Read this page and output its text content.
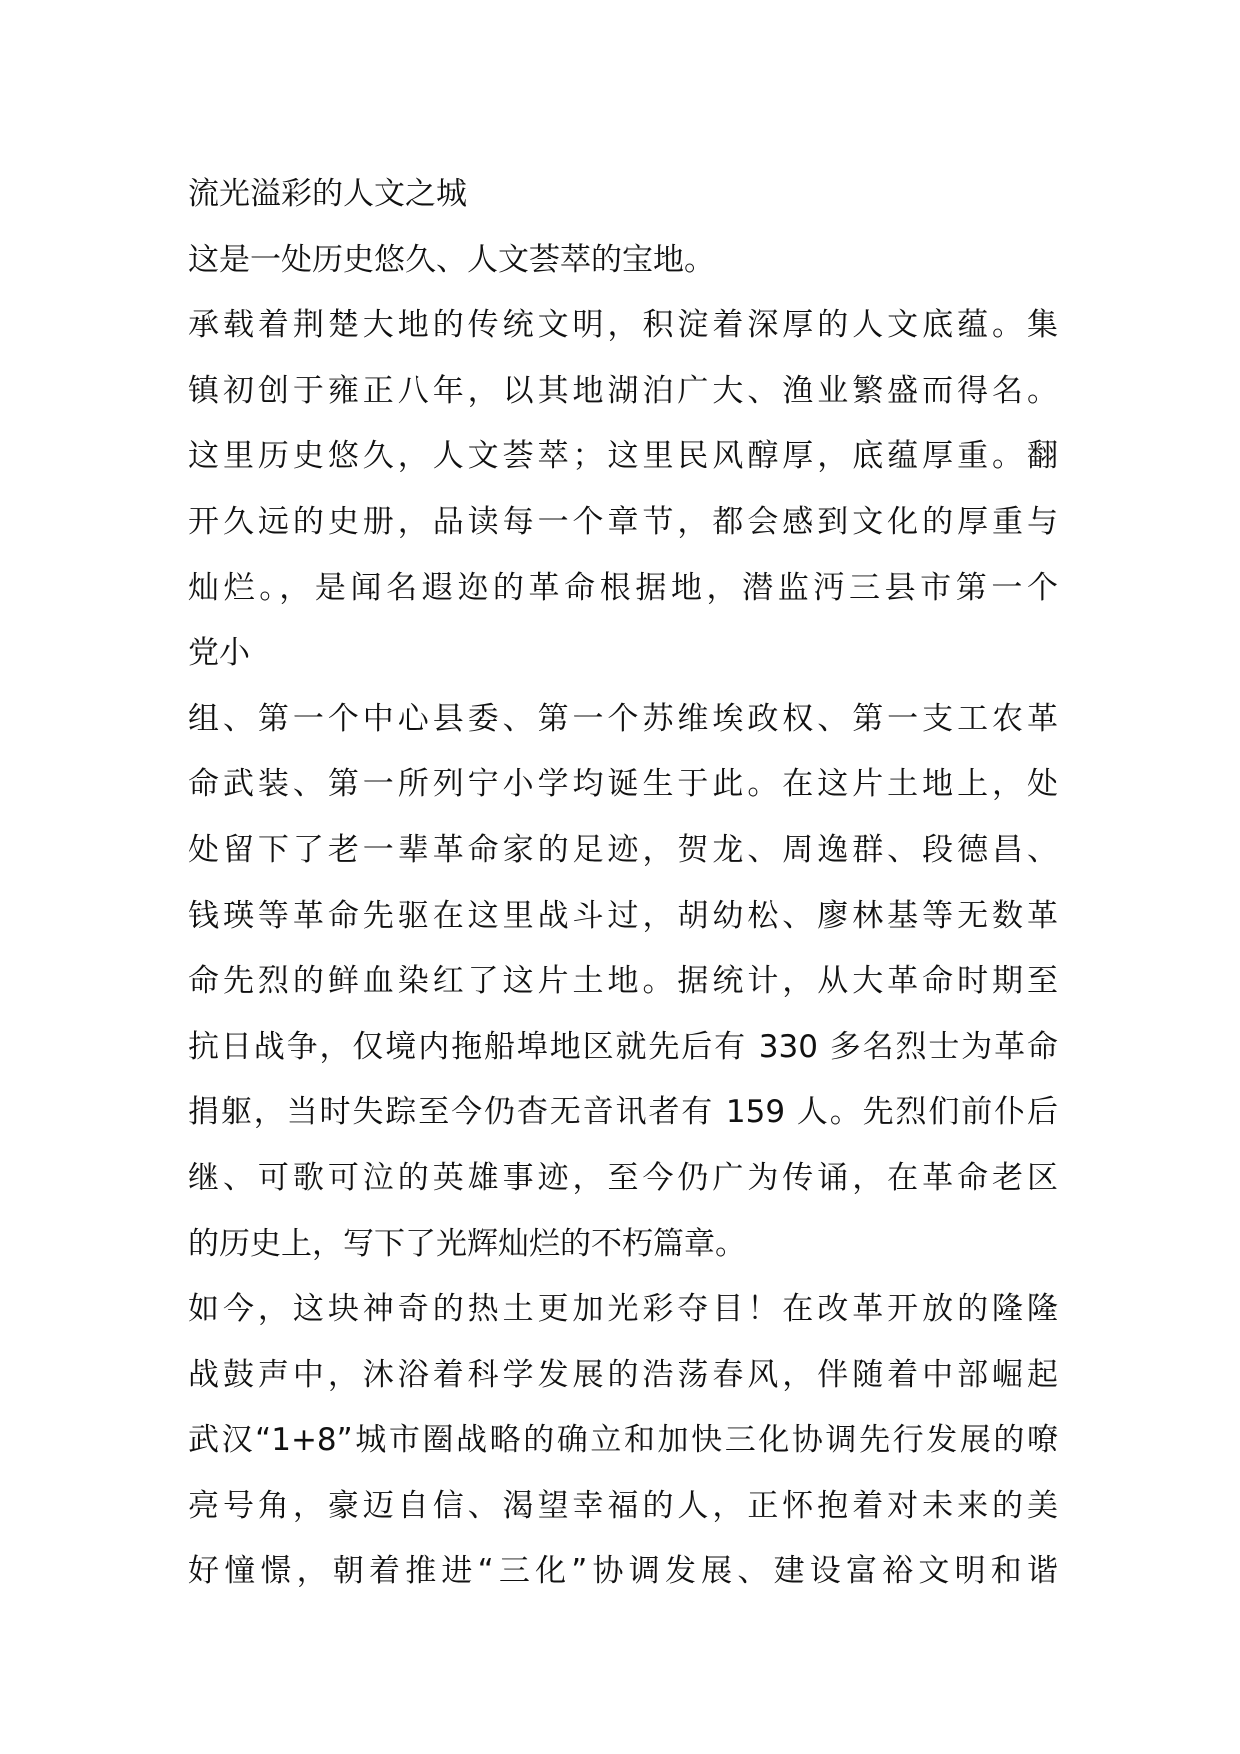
流光溢彩的人文之城
这是一处历史悠久、人文荟萃的宝地。
承载着荆楚大地的传统文明，积淀着深厚的人文底蕴。集
镇初创于雍正八年，以其地湖泊广大、渔业繁盛而得名。
这里历史悠久，人文荟萃；这里民风醇厚，底蕴厚重。翻
开久远的史册，品读每一个章节，都会感到文化的厚重与
灿烂。，是闻名遐迩的革命根据地，潜监沔三县市第一个
党小
组、第一个中心县委、第一个苏维埃政权、第一支工农革
命武装、第一所列宁小学均诞生于此。在这片土地上，处
处留下了老一辈革命家的足迹，贺龙、周逸群、段德昌、
钱瑛等革命先驱在这里战斗过，胡幼松、廖林基等无数革
命先烈的鲜血染红了这片土地。据统计，从大革命时期至
抗日战争，仅境内拖船埠地区就先后有 330 多名烈士为革命
捐躯，当时失踪至今仍杳无音讯者有 159 人。先烈们前仆后
继、可歌可泣的英雄事迹，至今仍广为传诵，在革命老区
的历史上，写下了光辉灿烂的不朽篇章。
如今，这块神奇的热土更加光彩夺目！在改革开放的隆隆
战鼓声中，沐浴着科学发展的浩荡春风，伴随着中部崛起
武汉“1+8”城市圈战略的确立和加快三化协调先行发展的嘹
亮号角，豪迈自信、渴望幸福的人，正怀抱着对未来的美
好憧憬，朝着推进“三化”协调发展、建设富裕文明和谐
